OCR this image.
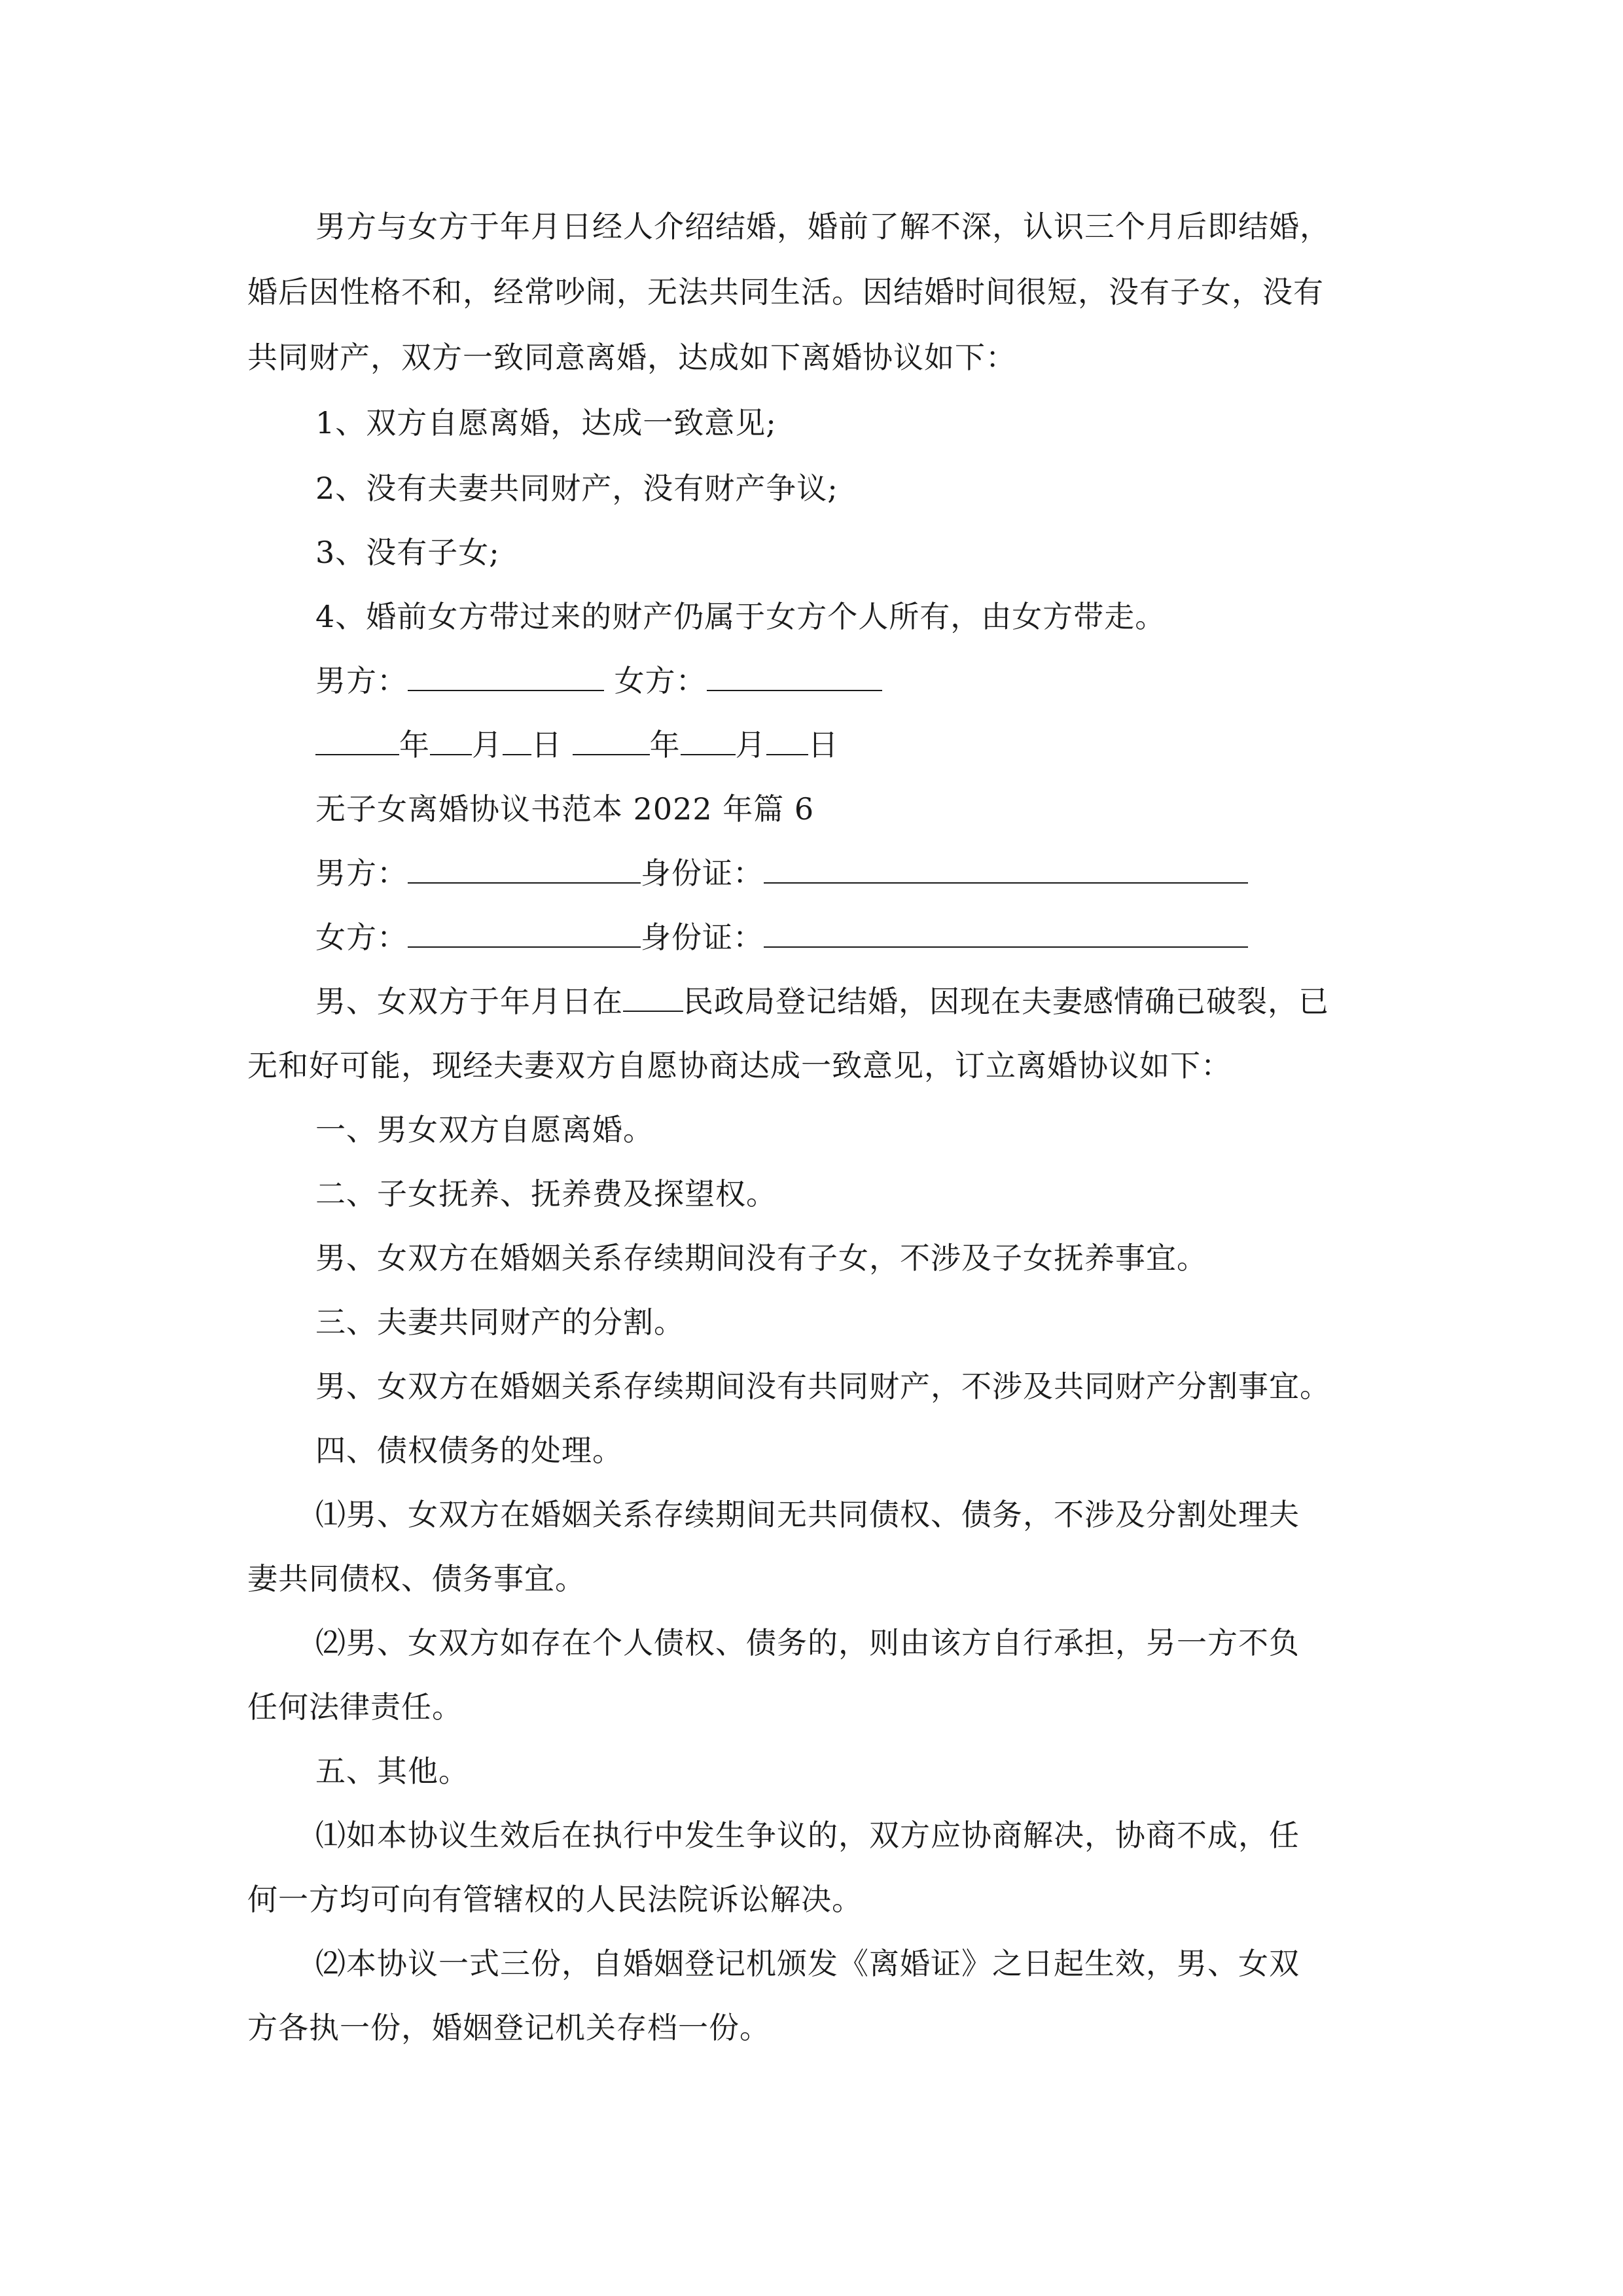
男方与女方于年月日经人介绍结婚，婚前了解不深，认识三个月后即结婚，
婚后因性格不和，经常吵闹，无法共同生活。因结婚时间很短，没有子女，没有
共同财产，双方一致同意离婚，达成如下离婚协议如下：
1、双方自愿离婚，达成一致意见;
2、没有夫妻共同财产，没有财产争议;
3、没有子女;
4、婚前女方带过来的财产仍属于女方个人所有，由女方带走。
男方：	女方：
年 月 日	年 月 日
无子女离婚协议书范本 2022 年篇 6
男方：	身份证：
女方：	身份证：
男、女双方于年月日在 民政局登记结婚，因现在夫妻感情确已破裂，已
无和好可能，现经夫妻双方自愿协商达成一致意见，订立离婚协议如下：
一、男女双方自愿离婚。
二、子女抚养、抚养费及探望权。
男、女双方在婚姻关系存续期间没有子女，不涉及子女抚养事宜。
三、夫妻共同财产的分割。
男、女双方在婚姻关系存续期间没有共同财产，不涉及共同财产分割事宜。
四、债权债务的处理。
⑴男、女双方在婚姻关系存续期间无共同债权、债务，不涉及分割处理夫
妻共同债权、债务事宜。
⑵男、女双方如存在个人债权、债务的，则由该方自行承担，另一方不负
任何法律责任。
五、其他。
⑴如本协议生效后在执行中发生争议的，双方应协商解决，协商不成，任
何一方均可向有管辖权的人民法院诉讼解决。
⑵本协议一式三份，自婚姻登记机颁发《离婚证》之日起生效，男、女双
方各执一份，婚姻登记机关存档一份。
